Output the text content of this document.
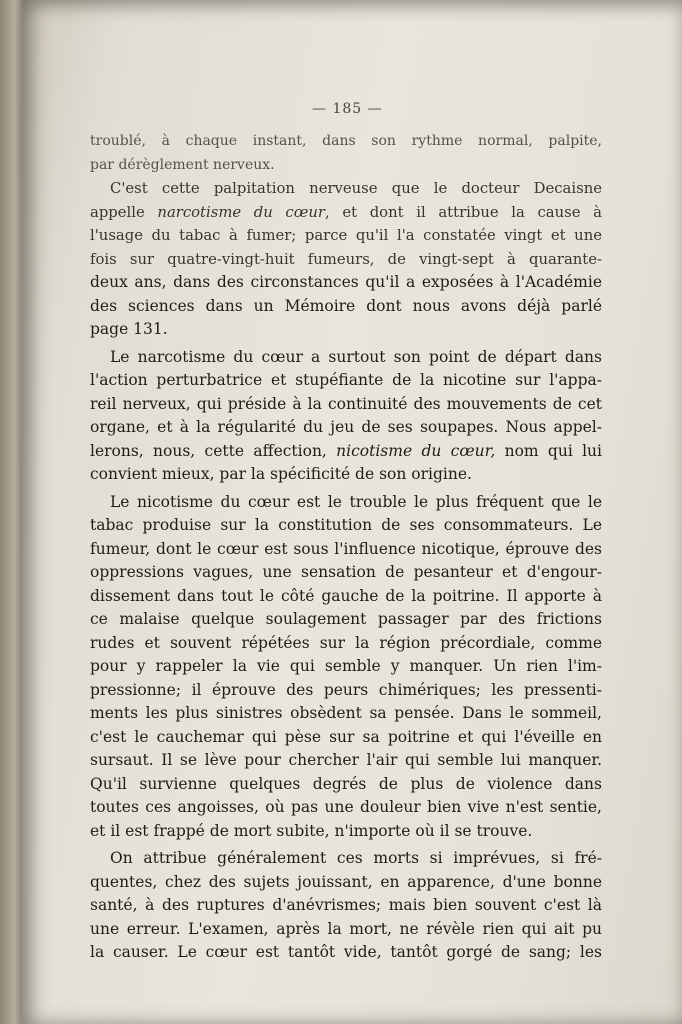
— 185 —
troublé, à chaque instant, dans son rythme normal, palpite,
par dérèglement nerveux.
C'est cette palpitation nerveuse que le docteur Decaisne
appelle narcotisme du cœur, et dont il attribue la cause à
l'usage du tabac à fumer; parce qu'il l'a constatée vingt et une
fois sur quatre-vingt-huit fumeurs, de vingt-sept à quarante-
deux ans, dans des circonstances qu'il a exposées à l'Académie
des sciences dans un Mémoire dont nous avons déjà parlé
page 131.
Le narcotisme du cœur a surtout son point de départ dans
l'action perturbatrice et stupéfiante de la nicotine sur l'appa-
reil nerveux, qui préside à la continuité des mouvements de cet
organe, et à la régularité du jeu de ses soupapes. Nous appel-
lerons, nous, cette affection, nicotisme du cœur, nom qui lui
convient mieux, par la spécificité de son origine.
Le nicotisme du cœur est le trouble le plus fréquent que le
tabac produise sur la constitution de ses consommateurs. Le
fumeur, dont le cœur est sous l'influence nicotique, éprouve des
oppressions vagues, une sensation de pesanteur et d'engour-
dissement dans tout le côté gauche de la poitrine. Il apporte à
ce malaise quelque soulagement passager par des frictions
rudes et souvent répétées sur la région précordiale, comme
pour y rappeler la vie qui semble y manquer. Un rien l'im-
pressionne; il éprouve des peurs chimériques; les pressenti-
ments les plus sinistres obsèdent sa pensée. Dans le sommeil,
c'est le cauchemar qui pèse sur sa poitrine et qui l'éveille en
sursaut. Il se lève pour chercher l'air qui semble lui manquer.
Qu'il survienne quelques degrés de plus de violence dans
toutes ces angoisses, où pas une douleur bien vive n'est sentie,
et il est frappé de mort subite, n'importe où il se trouve.
On attribue généralement ces morts si imprévues, si fré-
quentes, chez des sujets jouissant, en apparence, d'une bonne
santé, à des ruptures d'anévrismes; mais bien souvent c'est là
une erreur. L'examen, après la mort, ne révèle rien qui ait pu
la causer. Le cœur est tantôt vide, tantôt gorgé de sang; les
